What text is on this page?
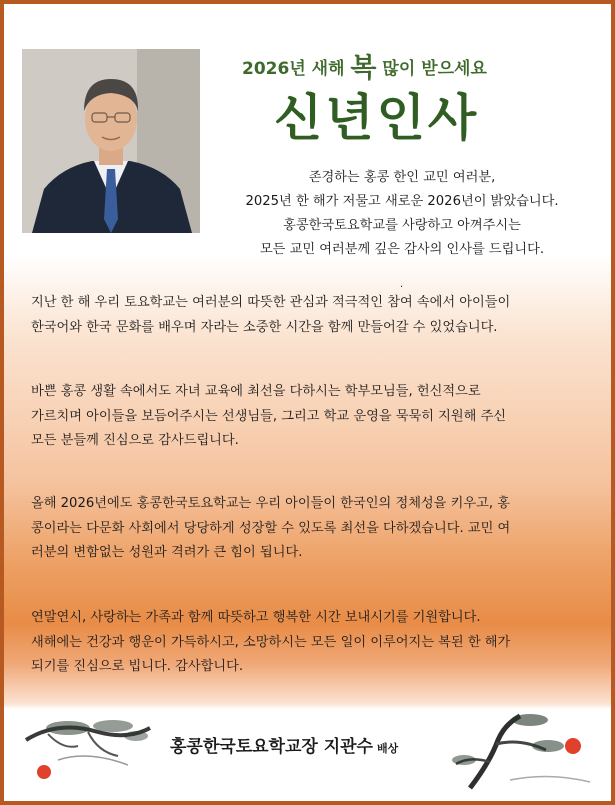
2026년 새해 복 많이 받으세요
신년인사
존경하는 홍콩 한인 교민 여러분,
2025년 한 해가 저물고 새로운 2026년이 밝았습니다.
홍콩한국토요학교를 사랑하고 아껴주시는
모든 교민 여러분께 깊은 감사의 인사를 드립니다.
.
지난 한 해 우리 토요학교는 여러분의 따뜻한 관심과 적극적인 참여 속에서 아이들이
한국어와 한국 문화를 배우며 자라는 소중한 시간을 함께 만들어갈 수 있었습니다.
바쁜 홍콩 생활 속에서도 자녀 교육에 최선을 다하시는 학부모님들, 헌신적으로
가르치며 아이들을 보듬어주시는 선생님들, 그리고 학교 운영을 묵묵히 지원해 주신
모든 분들께 진심으로 감사드립니다.
올해 2026년에도 홍콩한국토요학교는 우리 아이들이 한국인의 정체성을 키우고, 홍
콩이라는 다문화 사회에서 당당하게 성장할 수 있도록 최선을 다하겠습니다. 교민 여
러분의 변함없는 성원과 격려가 큰 힘이 됩니다.
연말연시, 사랑하는 가족과 함께 따뜻하고 행복한 시간 보내시기를 기원합니다.
새해에는 건강과 행운이 가득하시고, 소망하시는 모든 일이 이루어지는 복된 한 해가
되기를 진심으로 빕니다. 감사합니다.
홍콩한국토요학교장 지관수 배상
